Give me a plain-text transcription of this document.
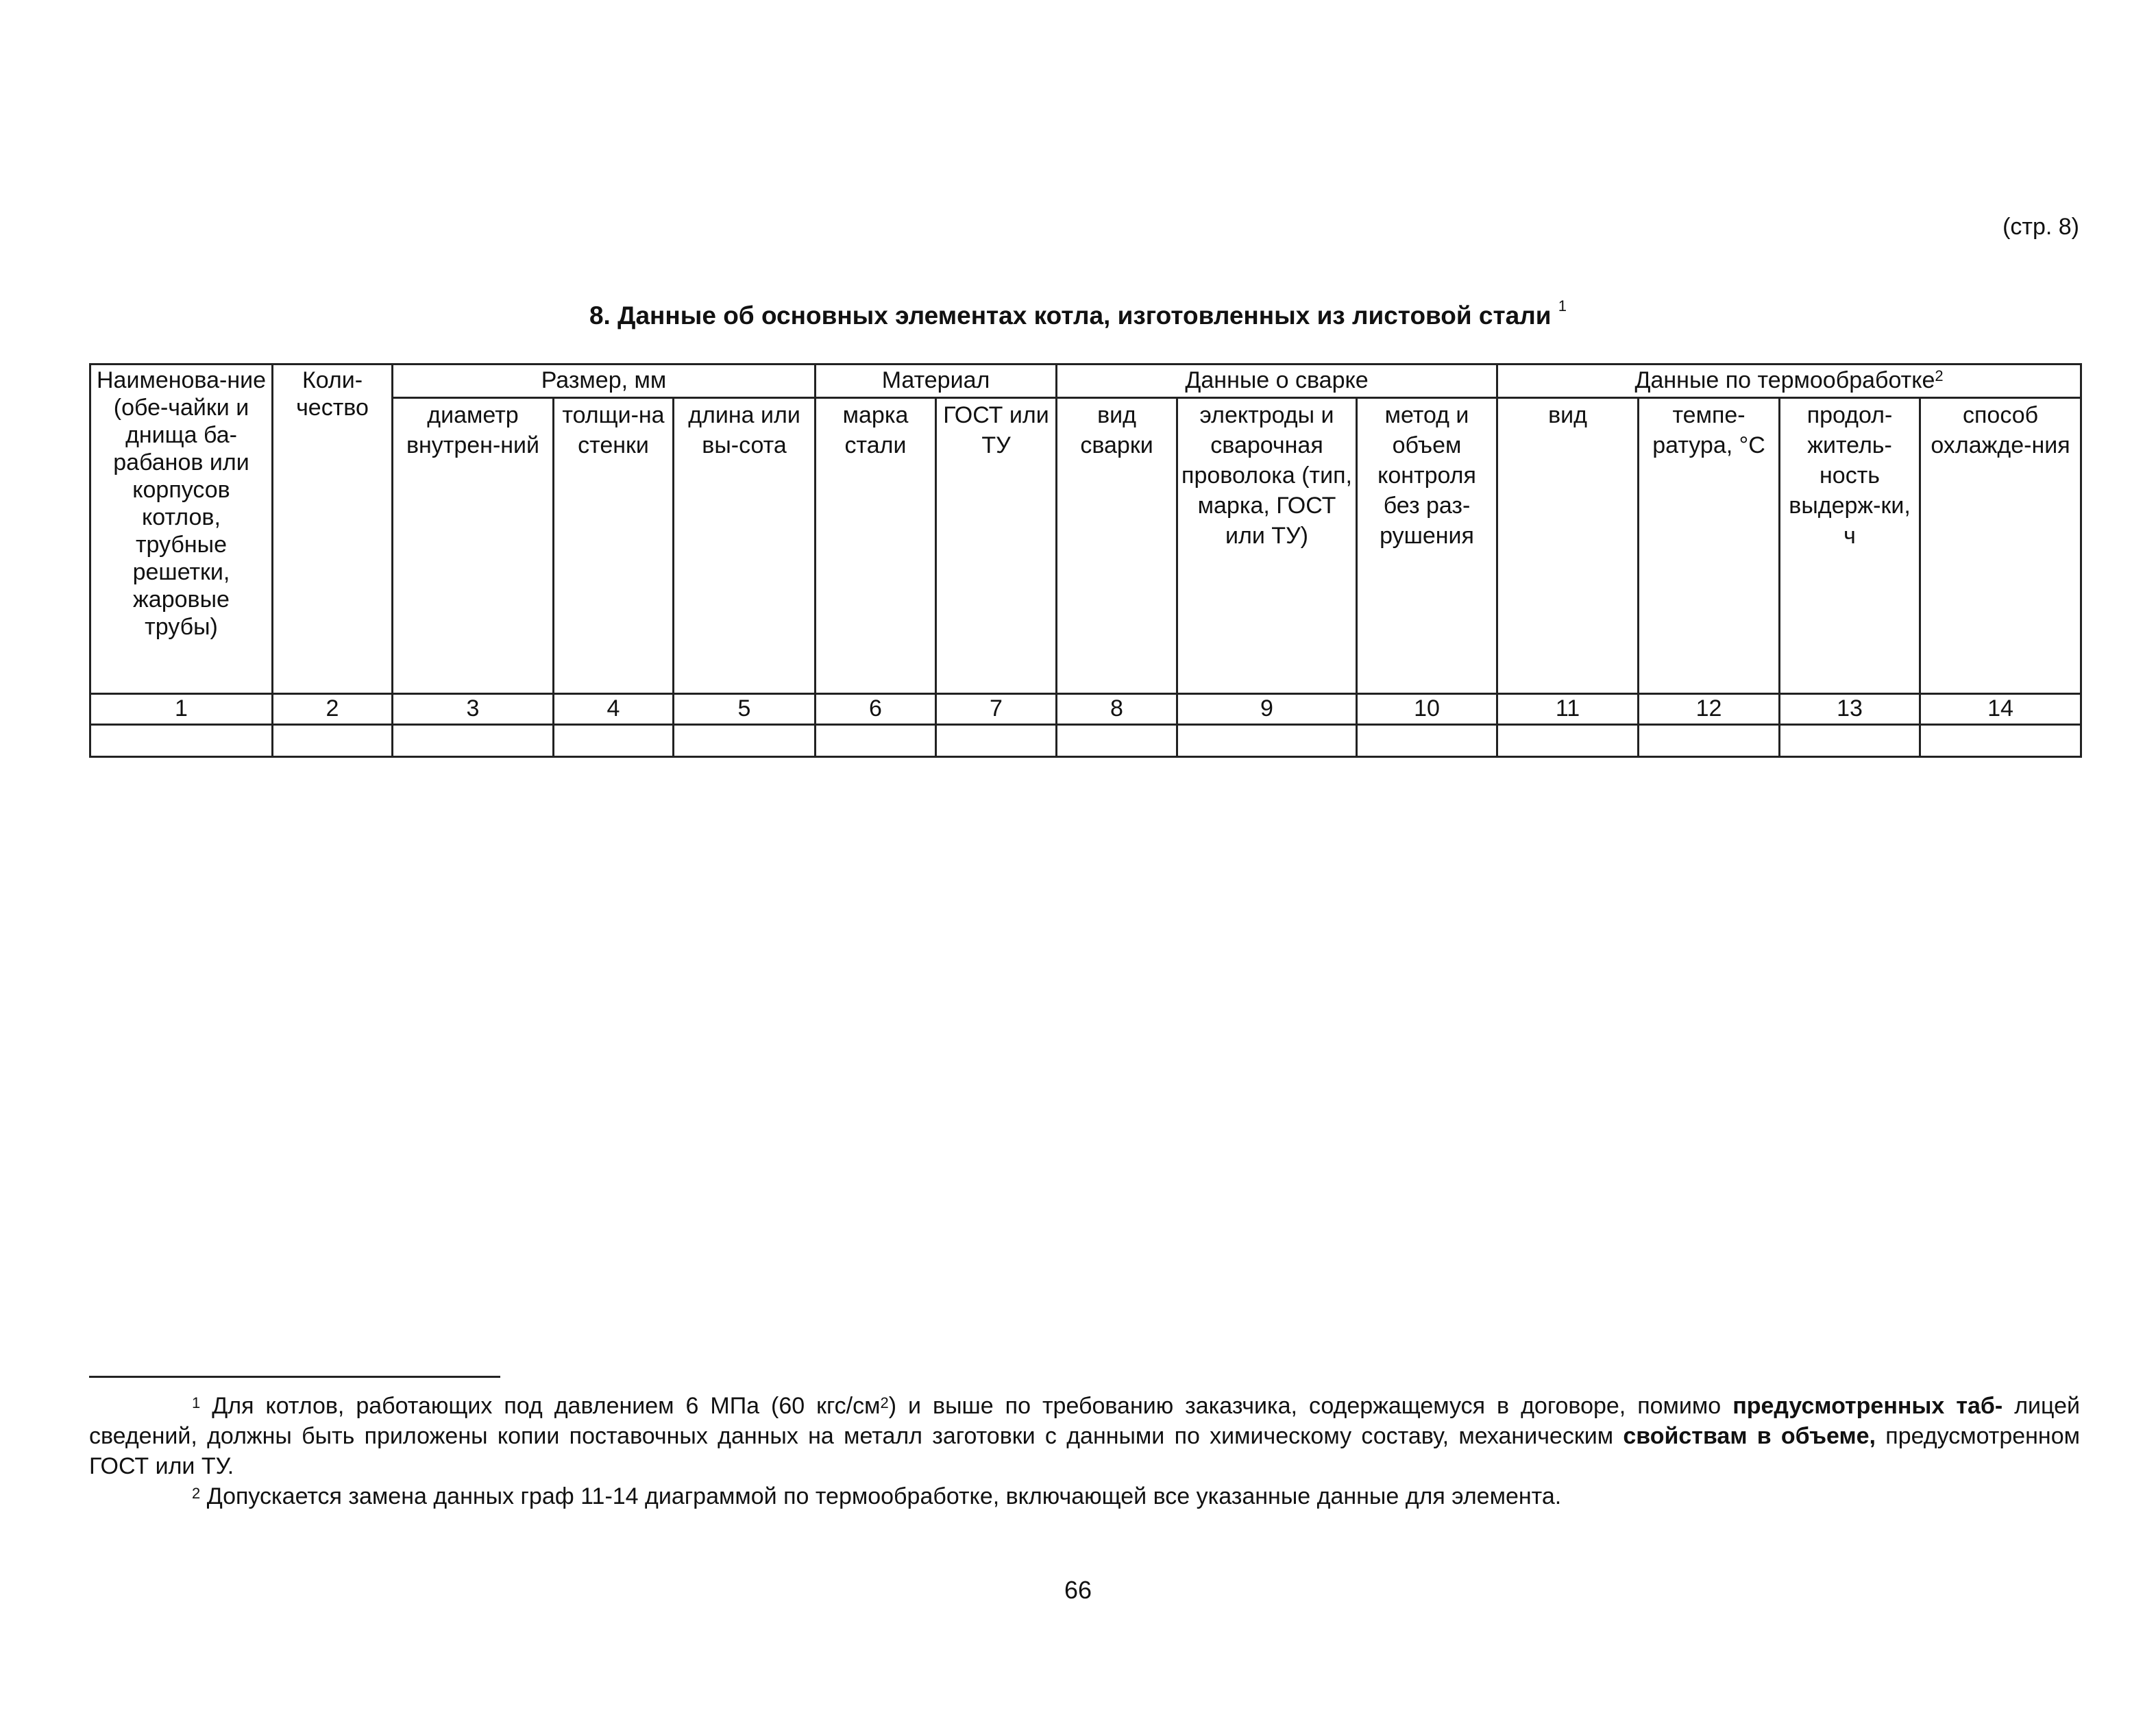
(стр. 8)
8. Данные об основных элементах котла, изготовленных из листовой стали $^1$
Наименова-ние (обе-чайки и днища ба-рабанов или корпусов котлов, трубные решетки, жаровые трубы)	Коли-чество	Размер, мм			Материал		Данные о сварке			Данные по термообработке$^2$
		диаметр внутрен-ний	толщи-на стенки	длина или вы-сота	марка стали	ГОСТ или ТУ	вид сварки	электроды и сварочная проволока (тип, марка, ГОСТ или ТУ)	метод и объем контроля без раз-рушения	вид	темпе-ратура, °C	продол-житель-ность выдерж-ки, ч	способ охлажде-ния
1	2	3	4	5	6	7	8	9	10	11	12	13	14

$^1$ Для котлов, работающих под давлением 6 МПа (60 кгс/$см^2$) и выше по требованию заказчика, содержащемуся в договоре, помимо предусмотренных таб- лицей сведений, должны быть приложены копии поставочных данных на металл заготовки с данными по химическому составу, механическим свойствам в объеме, предусмотренном ГОСТ или ТУ.

$^2$ Допускается замена данных граф 11-14 диаграммой по термообработке, включающей все указанные данные для элемента.

66
